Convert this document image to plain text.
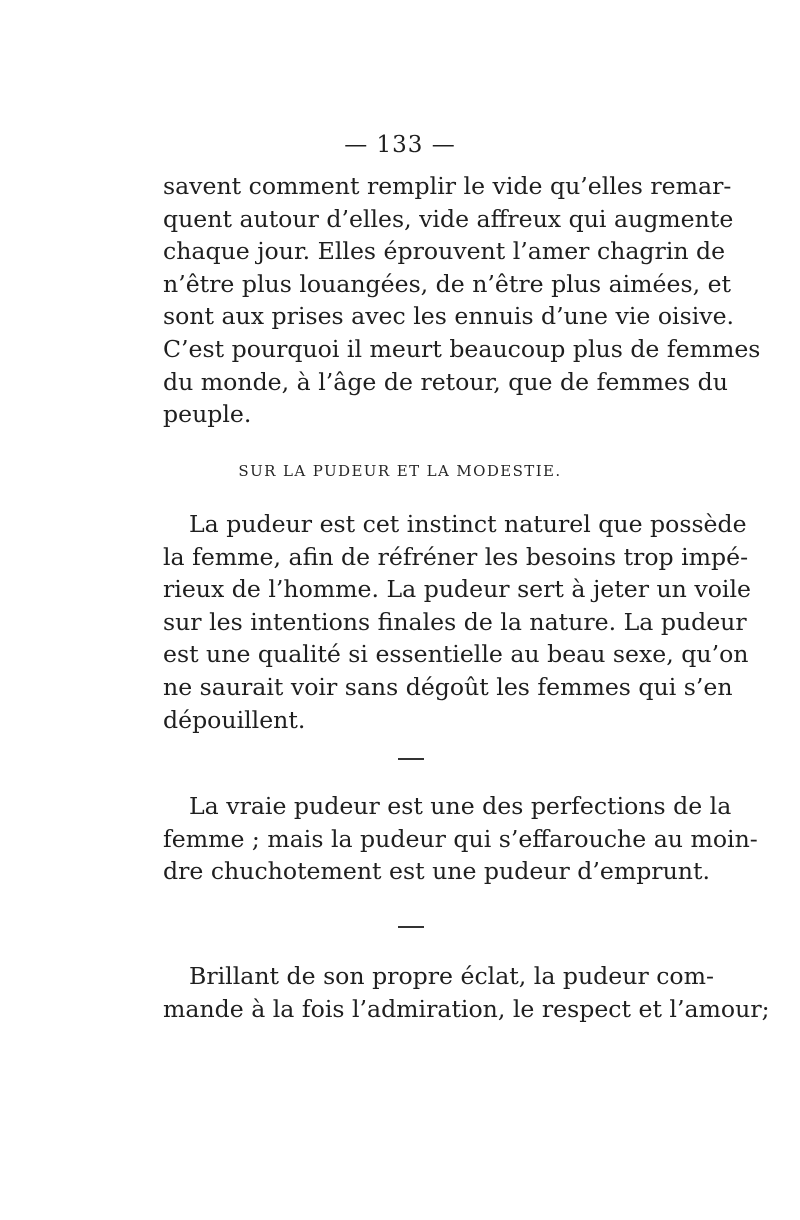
— 133 —
savent comment remplir le vide qu’elles remar-
quent autour d’elles, vide affreux qui augmente
chaque jour. Elles éprouvent l’amer chagrin de
n’être plus louangées, de n’être plus aimées, et
sont aux prises avec les ennuis d’une vie oisive.
C’est pourquoi il meurt beaucoup plus de femmes
du monde, à l’âge de retour, que de femmes du
peuple.
SUR LA PUDEUR ET LA MODESTIE.
La pudeur est cet instinct naturel que possède
la femme, afin de réfréner les besoins trop impé-
rieux de l’homme. La pudeur sert à jeter un voile
sur les intentions finales de la nature. La pudeur
est une qualité si essentielle au beau sexe, qu’on
ne saurait voir sans dégoût les femmes qui s’en
dépouillent.
La vraie pudeur est une des perfections de la
femme ; mais la pudeur qui s’effarouche au moin-
dre chuchotement est une pudeur d’emprunt.
Brillant de son propre éclat, la pudeur com-
mande à la fois l’admiration, le respect et l’amour;
